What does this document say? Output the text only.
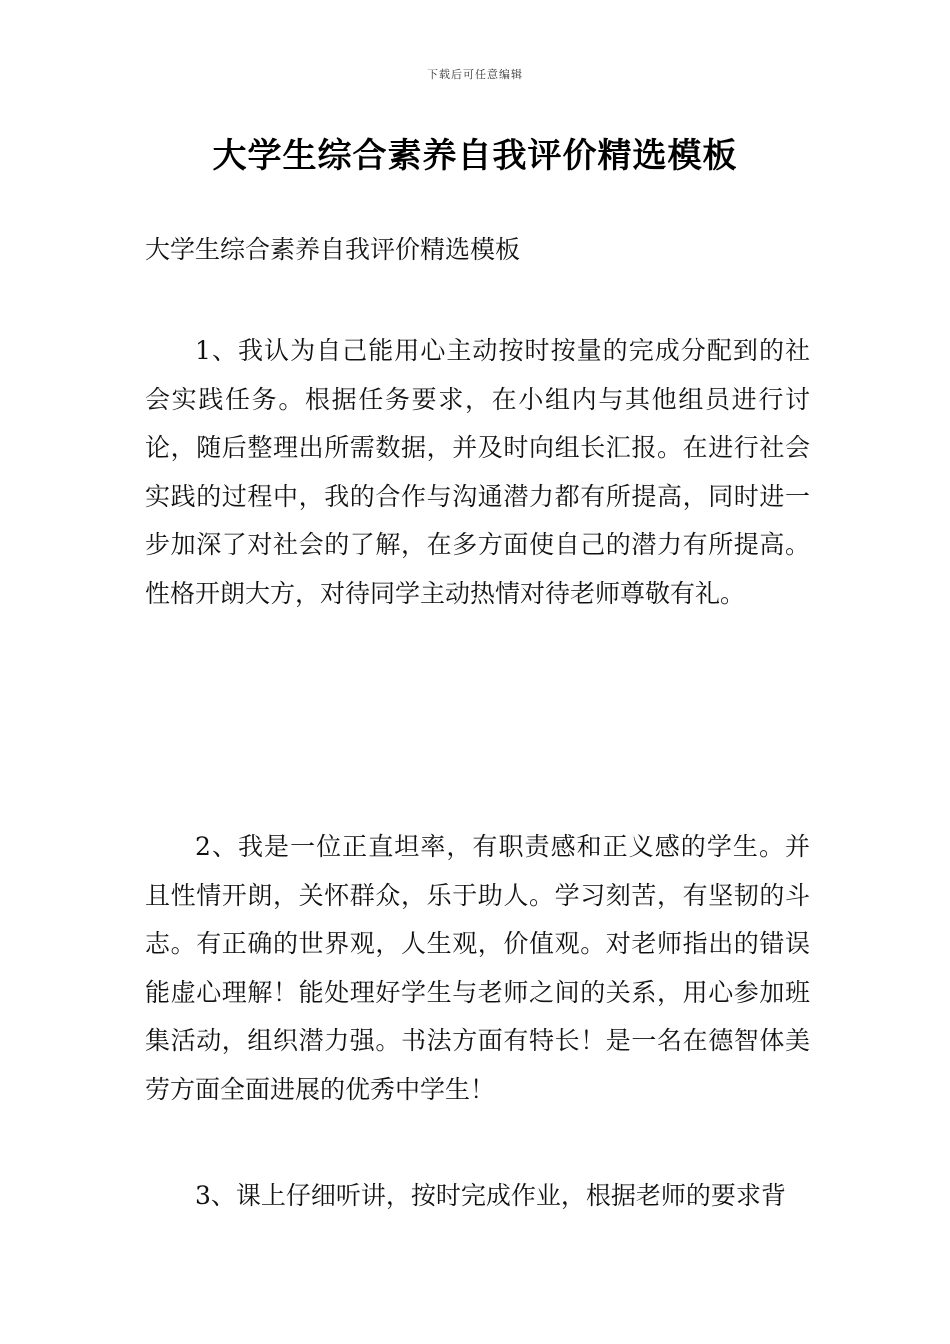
下载后可任意编辑
大学生综合素养自我评价精选模板

大学生综合素养自我评价精选模板

1、我认为自己能用心主动按时按量的完成分配到的社会实践任务。根据任务要求，在小组内与其他组员进行讨论，随后整理出所需数据，并及时向组长汇报。在进行社会实践的过程中，我的合作与沟通潜力都有所提高，同时进一步加深了对社会的了解，在多方面使自己的潜力有所提高。性格开朗大方，对待同学主动热情对待老师尊敬有礼。

2、我是一位正直坦率，有职责感和正义感的学生。并且性情开朗，关怀群众，乐于助人。学习刻苦，有坚韧的斗志。有正确的世界观，人生观，价值观。对老师指出的错误能虚心理解！能处理好学生与老师之间的关系，用心参加班集活动，组织潜力强。书法方面有特长！是一名在德智体美劳方面全面进展的优秀中学生！

3、课上仔细听讲，按时完成作业，根据老师的要求背
